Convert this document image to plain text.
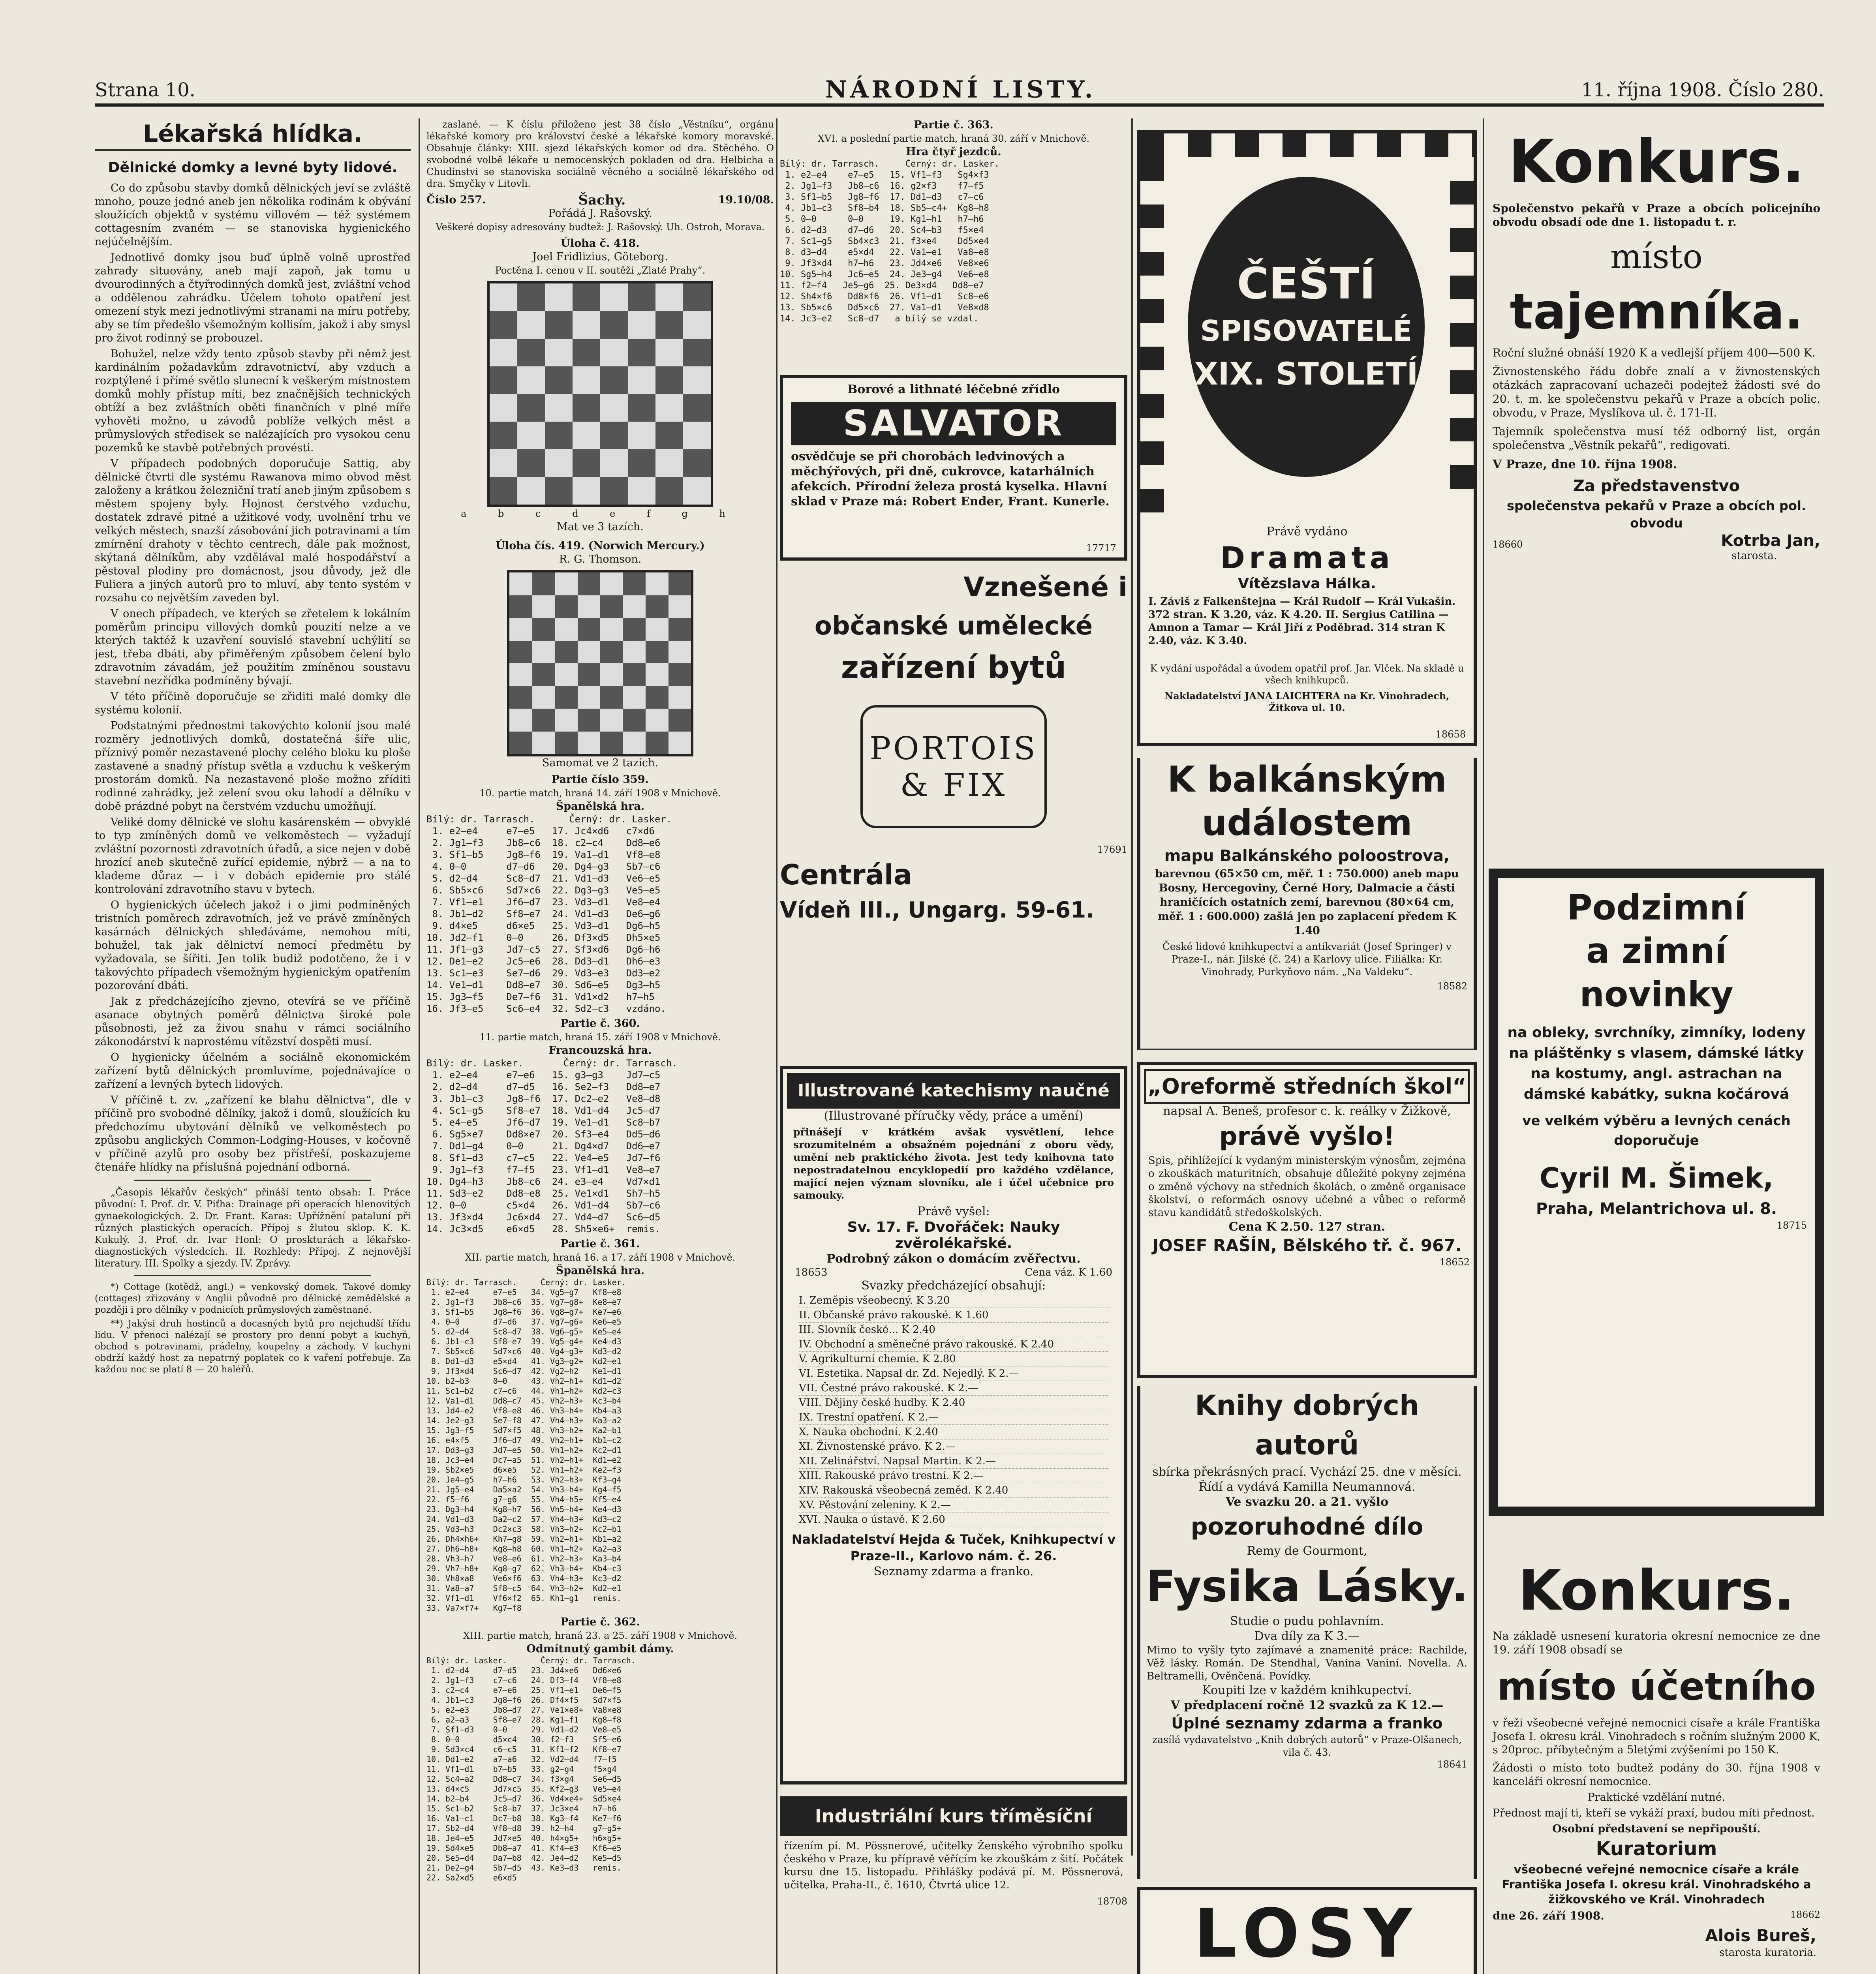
Strana 10.	NÁRODNÍ LISTY.	11. října 1908. Číslo 280.
Lékařská hlídka.
Dělnické domky a levné byty lidové.

Co do způsobu stavby domků dělnických jeví se zvláště mnoho, pouze jedné aneb jen několika rodinám k obývání sloužících objektů v systému villovém — též systémem cottagesním zvaném — se stanoviska hygienického nejúčelnějším.

Jednotlivé domky jsou buď úplně volně uprostřed zahrady situovány, aneb mají zapoň, jak tomu u dvourodinných a čtyřrodinných domků jest, zvláštní vchod a oddělenou zahrádku. Účelem tohoto opatření jest omezení styk mezi jednotlivými stranami na míru potřeby, aby se tím předešlo všemožným kollisím, jakož i aby smysl pro život rodinný se probouzel.

Bohužel, nelze vždy tento způsob stavby při němž jest kardinálním požadavkům zdravotnictví, aby vzduch a rozptýlené i přímé světlo slunecní k veškerým místnostem domků mohly přístup míti, bez značnějších technických obtíží a bez zvláštních oběti finančních v plné míře vyhověti možno, u závodů poblíže velkých měst a průmyslových středisek se nalézajících pro vysokou cenu pozemků ke stavbě potřebných provésti.

V případech podobných doporučuje Sattig, aby dělnické čtvrti dle systému Rawanova mimo obvod měst založeny a krátkou železniční tratí aneb jiným způsobem s městem spojeny byly. Hojnost čerstvého vzduchu, dostatek zdravé pitné a užitkové vody, uvolnění trhu ve velkých městech, snazší zásobování jich potravinami a tím zmírnění drahoty v těchto centrech, dále pak možnost, skýtaná dělníkům, aby vzdělával malé hospodářství a pěstoval plodiny pro domácnost, jsou důvody, jež dle Fuliera a jiných autorů pro to mluví, aby tento systém v rozsahu co největším zaveden byl.

V onech případech, ve kterých se zřetelem k lokálním poměrům principu villových domků pouzití nelze a ve kterých taktéž k uzavření souvislé stavební uchýlití se jest, třeba dbáti, aby přiměřeným způsobem čelení bylo zdravotním závadám, jež použitím zmíněnou soustavu stavební nezřídka podmíněny bývají.

V této příčině doporučuje se zřiditi malé domky dle systému kolonií.

Podstatnými přednostmi takovýchto kolonií jsou malé rozměry jednotlivých domků, dostatečná šíře ulic, příznivý poměr nezastavené plochy celého bloku ku ploše zastavené a snadný přístup světla a vzduchu k veškerým prostorám domků. Na nezastavené ploše možno zříditi rodinné zahrádky, jež zelení svou oku lahodí a dělníku v době prázdné pobyt na čerstvém vzduchu umožňují.

Veliké domy dělnické ve slohu kasárenském — obvyklé to typ zmíněných domů ve velkoměstech — vyžadují zvláštní pozornosti zdravotních úřadů, a sice nejen v době hrozící aneb skutečně zuřící epidemie, nýbrž — a na to klademe důraz — i v dobách epidemie pro stálé kontrolování zdravotního stavu v bytech.

O hygienických účelech jakož i o jimi podmíněných tristních poměrech zdravotních, jež ve právě zmíněných kasárnách dělnických shledáváme, nemohou míti, bohužel, tak jak dělnictví nemocí předmětu by vyžadovala, se šířiti. Jen tolik budiž podotčeno, že i v takovýchto případech všemožným hygienickým opatřením pozorování dbáti.

Jak z předcházejícího zjevno, otevírá se ve příčině asanace obytných poměrů dělnictva široké pole působnosti, jež za živou snahu v rámci sociálního zákonodárství k naprostému vítězství dospěti musí.

O hygienicky účelném a sociálně ekonomickém zařízení bytů dělnických promluvíme, pojednávajíce o zařízení a levných bytech lidových.

V příčině t. zv. „zařízení ke blahu dělnictva“, dle v příčině pro svobodné dělníky, jakož i domů, sloužících ku předchozímu ubytování dělníků ve velkoměstech po způsobu anglických Common-Lodging-Houses, v kočovně v příčině azylů pro osoby bez přístřeší, poskazujeme čtenáře hlídky na příslušná pojednání odborná.

„Časopis lékařův českých“ přináší tento obsah: I. Práce původní: I. Prof. dr. V. Piťha: Drainage při operacích hlenovitých gynaekologických. 2. Dr. Frant. Karas: Upřížnění pataluní při různých plastických operacích. Přípoj s žlutou sklop. K. K. Kukulý. 3. Prof. dr. Ivar Honl: O proskturách a lékařsko-diagnostických výsledcích. II. Rozhledy: Přípoj. Z nejnovější literatury. III. Spolky a sjezdy. IV. Zprávy.

*) Cottage (kotědž, angl.) = venkovský domek. Takové domky (cottages) zřizovány v Anglii původně pro dělnické zemědělské a později i pro dělníky v podnicích průmyslových zaměstnané.

**) Jakýsi druh hostinců a docasných bytů pro nejchudší třídu lidu. V přenoci nalézají se prostory pro denní pobyt a kuchyň, obchod s potravinami, prádelny, koupelny a záchody. V kuchyni obdrží každý host za nepatrný poplatek co k vaření potřebuje. Za každou noc se platí 8 — 20 haléřů.

zaslané. — K číslu přiloženo jest 38 číslo „Věstníku“, orgánu lékařské komory pro království české a lékařské komory moravské. Obsahuje články: XIII. sjezd lékařských komor od dra. Stěchého. O svobodné volbě lékaře u nemocenských pokladen od dra. Helbicha a Chudinstvi se stanoviska sociálně věcného a sociálně lékařského od dra. Smyčky v Litovli.

Číslo 257.	Šachy.	19.10/08.
Pořádá J. Rašovský.
Veškeré dopisy adresovány budtež: J. Rašovský. Uh. Ostroh, Morava.
Úloha č. 418.
Joel Fridlizius, Göteborg.
Poctěna I. cenou v II. soutěži „Zlaté Prahy“.
a b c d e f g h
Mat ve 3 tazích.
Úloha čís. 419. (Norwich Mercury.)
R. G. Thomson.
Samomat ve 2 tazích.
Partie číslo 359.
10. partie match, hraná 14. září 1908 v Mnichově.
Španělská hra.
Bílý: dr. Tarrasch.      Černý: dr. Lasker.
1. e2—e4     e7—e5   17. Jc4×d6   c7×d6
2. Jg1—f3    Jb8—c6  18. c2—c4    Dd8—e6
3. Sf1—b5    Jg8—f6  19. Va1—d1   Vf8—e8
4. 0—0       d7—d6   20. Dg4—g3   Sb7—c6
5. d2—d4     Sc8—d7  21. Vd1—d3   Ve6—e5
6. Sb5×c6    Sd7×c6  22. Dg3—g3   Ve5—e5
7. Vf1—e1    Jf6—d7  23. Vd3—d1   Ve8—e4
8. Jb1—d2    Sf8—e7  24. Vd1—d3   De6—g6
9. d4×e5     d6×e5   25. Vd3—d1   Dg6—h5
10. Jd2—f1    0—0     26. Df3×d5   Dh5×e5
11. Jf1—g3    Jd7—c5  27. Sf3×d6   Dg6—h6
12. De1—e2    Jc5—e6  28. Dd3—d1   Dh6—e3
13. Sc1—e3    Se7—d6  29. Vd3—e3   Dd3—e2
14. Ve1—d1    Dd8—e7  30. Sd6—e5   Dg3—h5
15. Jg3—f5    De7—f6  31. Vd1×d2   h7—h5
16. Jf3—e5    Sc6—e4  32. Sd2—c3   vzdáno.
Partie č. 360.
11. partie match, hraná 15. září 1908 v Mnichově.
Francouzská hra.
Bílý: dr. Lasker.       Černý: dr. Tarrasch.
1. e2—e4     e7—e6   15. g3—g3    Jd7—c5
2. d2—d4     d7—d5   16. Se2—f3   Dd8—e7
3. Jb1—c3    Jg8—f6  17. Dc2—e2   Ve8—d8
4. Sc1—g5    Sf8—e7  18. Vd1—d4   Jc5—d7
5. e4—e5     Jf6—d7  19. Ve1—d1   Sc8—b7
6. Sg5×e7    Dd8×e7  20. Sf3—e4   Dd5—d6
7. Dd1—g4    0—0     21. Dg4×d7   Dd6—e7
8. Sf1—d3    c7—c5   22. Ve4—e5   Jd7—f6
9. Jg1—f3    f7—f5   23. Vf1—d1   Ve8—e7
10. Dg4—h3    Jb8—c6  24. e3—e4    Vd7×d1
11. Sd3—e2    Dd8—e8  25. Ve1×d1   Sh7—h5
12. 0—0       c5×d4   26. Vd1—d4   Sb7—c6
13. Jf3×d4    Jc6×d4  27. Vd4—d7   Sc6—d5
14. Jc3×d5    e6×d5   28. Sh5×e6+  remis.
Partie č. 361.
XII. partie match, hraná 16. a 17. září 1908 v Mnichově.
Španělská hra.
Bílý: dr. Tarrasch.     Černý: dr. Lasker.
1. e2—e4     e7—e5   34. Vg5—g7   Kf8—e8
2. Jg1—f3    Jb8—c6  35. Vg7—g8+  Ke8—e7
3. Sf1—b5    Jg8—f6  36. Vg8—g7+  Ke7—e6
4. 0—0       d7—d6   37. Vg7—g6+  Ke6—e5
5. d2—d4     Sc8—d7  38. Vg6—g5+  Ke5—e4
6. Jb1—c3    Sf8—e7  39. Vg5—g4+  Ke4—d3
7. Sb5×c6    Sd7×c6  40. Vg4—g3+  Kd3—d2
8. Dd1—d3    e5×d4   41. Vg3—g2+  Kd2—e1
9. Jf3×d4    Sc6—d7  42. Vg2—h2   Ke1—d1
10. b2—b3     0—0     43. Vh2—h1+  Kd1—d2
11. Sc1—b2    c7—c6   44. Vh1—h2+  Kd2—c3
12. Va1—d1    Dd8—c7  45. Vh2—h3+  Kc3—b4
13. Jd4—e2    Vf8—e8  46. Vh3—h4+  Kb4—a3
14. Je2—g3    Se7—f8  47. Vh4—h3+  Ka3—a2
15. Jg3—f5    Sd7×f5  48. Vh3—h2+  Ka2—b1
16. e4×f5     Jf6—d7  49. Vh2—h1+  Kb1—c2
17. Dd3—g3    Jd7—e5  50. Vh1—h2+  Kc2—d1
18. Jc3—e4    Dc7—a5  51. Vh2—h1+  Kd1—e2
19. Sb2×e5    d6×e5   52. Vh1—h2+  Ke2—f3
20. Je4—g5    h7—h6   53. Vh2—h3+  Kf3—g4
21. Jg5—e4    Da5×a2  54. Vh3—h4+  Kg4—f5
22. f5—f6     g7—g6   55. Vh4—h5+  Kf5—e4
23. Dg3—h4    Kg8—h7  56. Vh5—h4+  Ke4—d3
24. Vd1—d3    Da2—c2  57. Vh4—h3+  Kd3—c2
25. Vd3—h3    Dc2×c3  58. Vh3—h2+  Kc2—b1
26. Dh4×h6+   Kh7—g8  59. Vh2—h1+  Kb1—a2
27. Dh6—h8+   Kg8—h8  60. Vh1—h2+  Ka2—a3
28. Vh3—h7    Ve8—e6  61. Vh2—h3+  Ka3—b4
29. Vh7—h8+   Kg8—g7  62. Vh3—h4+  Kb4—c3
30. Vh8×a8    Ve6×f6  63. Vh4—h3+  Kc3—d2
31. Va8—a7    Sf8—c5  64. Vh3—h2+  Kd2—e1
32. Vf1—d1    Vf6×f2  65. Kh1—g1   remis.
33. Va7×f7+   Kg7—f8
Partie č. 362.
XIII. partie match, hraná 23. a 25. září 1908 v Mnichově.
Odmítnutý gambit dámy.
Bílý: dr. Lasker.       Černý: dr. Tarrasch.
1. d2—d4     d7—d5   23. Jd4×e6   Dd6×e6
2. Jg1—f3    c7—c6   24. Df3—f4   Vf8—e8
3. c2—c4     e7—e6   25. Vf1—e1   De6—f5
4. Jb1—c3    Jg8—f6  26. Df4×f5   Sd7×f5
5. e2—e3     Jb8—d7  27. Ve1×e8+  Va8×e8
6. a2—a3     Sf8—e7  28. Kg1—f1   Kg8—f8
7. Sf1—d3    0—0     29. Vd1—d2   Ve8—e5
8. 0—0       d5×c4   30. f2—f3    Sf5—e6
9. Sd3×c4    c6—c5   31. Kf1—f2   Kf8—e7
10. Dd1—e2    a7—a6   32. Vd2—d4   f7—f5
11. Vf1—d1    b7—b5   33. g2—g4    f5×g4
12. Sc4—a2    Dd8—c7  34. f3×g4    Se6—d5
13. d4×c5     Jd7×c5  35. Kf2—g3   Ve5—e4
14. b2—b4     Jc5—d7  36. Vd4×e4+  Sd5×e4
15. Sc1—b2    Sc8—b7  37. Jc3×e4   h7—h6
16. Va1—c1    Dc7—b8  38. Kg3—f4   Ke7—f6
17. Sb2—d4    Vf8—d8  39. h2—h4    g7—g5+
18. Je4—e5    Jd7×e5  40. h4×g5+   h6×g5+
19. Sd4×e5    Db8—a7  41. Kf4—e3   Kf6—e5
20. Se5—d4    Da7—b8  42. Je4—d2   Ke5—d5
21. De2—g4    Sb7—d5  43. Kе3—d3   remis.
22. Sa2×d5    e6×d5
Partie č. 363.
XVI. a poslední partie match, hraná 30. září v Mnichově.
Hra čtyř jezdců.
Bílý: dr. Tarrasch.     Černý: dr. Lasker.
1. e2—e4    e7—e5   15. Vf1—f3   Sg4×f3
2. Jg1—f3   Jb8—c6  16. g2×f3    f7—f5
3. Sf1—b5   Jg8—f6  17. Dd1—d3   c7—c6
4. Jb1—c3   Sf8—b4  18. Sb5—c4+  Kg8—h8
5. 0—0      0—0     19. Kg1—h1   h7—h6
6. d2—d3    d7—d6   20. Sc4—b3   f5×e4
7. Sc1—g5   Sb4×c3  21. f3×e4    Dd5×e4
8. d3—d4    e5×d4   22. Va1—e1   Va8—e8
9. Jf3×d4   h7—h6   23. Jd4×e6   Ve8×e6
10. Sg5—h4   Jc6—e5  24. Je3—g4   Ve6—e8
11. f2—f4   Je5—g6  25. De3×d4   Dd8—e7
12. Sh4×f6   Dd8×f6  26. Vf1—d1   Sc8—e6
13. Sb5×c6   Dd5×c6  27. Va1—d1   Ve8×d8
14. Jc3—e2   Sc8—d7   a bílý se vzdal.
Borové a lithnaté léčebné zřídlo
SALVATOR
osvědčuje se při chorobách ledvinových a měchýřových, při dně, cukrovce, katarhálních afekcích. Přírodní železa prostá kyselka. Hlavní sklad v Praze má: Robert Ender, Frant. Kunerle.
17717
Vznešené i
občanské umělecké
zařízení bytů
PORTOIS & FIX
17691
Centrála
Vídeň III., Ungarg. 59-61.
Illustrované katechismy naučné
(Illustrované příručky vědy, práce a umění)
přinášejí v krátkém avšak vysvětlení, lehce srozumitelném a obsažném pojednání z oboru vědy, umění neb praktického života. Jest tedy knihovna tato nepostradatelnou encyklopedií pro každého vzdělance, mající nejen význam slovníku, ale i účel učebnice pro samouky.
Právě vyšel:
Sv. 17. F. Dvořáček: Nauky zvěrolékařské.
Podrobný zákon o domácím zvěřectvu.
18653	Cena váz. K 1.60
Svazky předcházející obsahují:
I. Zeměpis všeobecný. K 3.20
II. Občanské právo rakouské. K 1.60
III. Slovník české... K 2.40
IV. Obchodní a směnečné právo rakouské. K 2.40
V. Agrikulturní chemie. K 2.80
VI. Estetika. Napsal dr. Zd. Nejedlý. K 2.—
VII. Čestné právo rakouské. K 2.—
VIII. Dějiny české hudby. K 2.40
IX. Trestní opatření. K 2.—
X. Nauka obchodní. K 2.40
XI. Živnostenské právo. K 2.—
XII. Zelinářství. Napsal Martin. K 2.—
XIII. Rakouské právo trestní. K 2.—
XIV. Rakouská všeobecná zeměd. K 2.40
XV. Pěstování zeleniny. K 2.—
XVI. Nauka o ústavě. K 2.60
Nakladatelství Hejda & Tuček, Knihkupectví v Praze-II., Karlovo nám. č. 26.
Seznamy zdarma a franko.
Industriální kurs tříměsíční
řízením pí. M. Pössnerové, učitelky Ženského výrobního spolku českého v Praze, ku přípravě věřícím ke zkouškám z šití. Počátek kursu dne 15. listopadu. Přihlášky podává pí. M. Pössnerová, učitelka, Praha-II., č. 1610, Čtvrtá ulice 12.
18708
ČEŠTÍ
SPISOVATELÉ
XIX. STOLETÍ
Právě vydáno
Dramata
Vítězslava Hálka.
I. Záviš z Falkenštejna — Král Rudolf — Král Vukašin. 372 stran. K 3.20, váz. K 4.20. II. Sergius Catilina — Amnon a Tamar — Král Jiří z Poděbrad. 314 stran K 2.40, váz. K 3.40.
K vydání uspořádal a úvodem opatřil prof. Jar. Vlček. Na skladě u všech knihkupců.
Nakladatelství JANA LAICHTERA na Kr. Vinohradech, Žitkova ul. 10.
18658
K balkánským
událostem
mapu Balkánského poloostrova,
barevnou (65×50 cm, měř. 1 : 750.000) aneb mapu Bosny, Hercegoviny, Černé Hory, Dalmacie a části hraničících ostatních zemí, barevnou (80×64 cm, měř. 1 : 600.000) zašlá jen po zaplacení předem K 1.40
České lidové knihkupectví a antikvariát (Josef Springer) v Praze-I., nár. Jilské (č. 24) a Karlovy ulice. Filiálka: Kr. Vinohrady, Purkyňovo nám. „Na Valdeku“.
18582
„Oreformě středních škol“
napsal A. Beneš, profesor c. k. reálky v Žižkově,
právě vyšlo!
Spis, přihlížející k vydaným ministerským výnosům, zejména o zkouškách maturitních, obsahuje důležité pokyny zejména o změně výchovy na středních školách, o změně organisace školství, o reformách osnovy učebné a vůbec o reformě stavu kandidátů středoškolských.
Cena K 2.50. 127 stran.
JOSEF RAŠÍN, Bělského tř. č. 967.
18652
Knihy dobrých autorů
sbírka překrásných prací. Vychází 25. dne v měsíci. Řídí a vydává Kamilla Neumannová.
Ve svazku 20. a 21. vyšlo
pozoruhodné dílo
Remy de Gourmont,
Fysika Lásky.
Studie o pudu pohlavním.
Dva díly za K 3.—
Mimo to vyšly tyto zajímavé a znamenité práce: Rachilde, Věž lásky. Román. De Stendhal, Vanina Vanini. Novella. A. Beltramelli, Ověnčená. Povídky.
Koupiti lze v každém knihkupectví.
V předplacení ročně 12 svazků za K 12.—
Úplné seznamy zdarma a franko
zasílá vydavatelstvo „Knih dobrých autorů“ v Praze-Olšanech, vila č. 43.
18641
LOSY
Konkurs.
Společenstvo pekařů v Praze a obcích policejního obvodu obsadí ode dne 1. listopadu t. r.
místo
tajemníka.
Roční služné obnáší 1920 K a vedlejší příjem 400—500 K.
Živnostenského řádu dobře znalí a v živnostenských otázkách zapracovaní uchazeči podejtež žádosti své do 20. t. m. ke společenstvu pekařů v Praze a obcích polic. obvodu, v Praze, Myslíkova ul. č. 171-II.
Tajemník společenstva musí též odborný list, orgán společenstva „Věstník pekařů“, redigovati.
V Praze, dne 10. října 1908.
Za představenstvo
společenstva pekařů v Praze a obcích pol. obvodu
18660	Kotrba Jan,
starosta.
Podzimní
a zimní
novinky
na obleky, svrchníky, zimníky, lodeny na pláštěnky s vlasem, dámské látky na kostumy, angl. astrachan na dámské kabátky, sukna kočárová
ve velkém výběru a levných cenách doporučuje
Cyril M. Šimek,
Praha, Melantrichova ul. 8.
18715
Konkurs.
Na základě usnesení kuratoria okresní nemocnice ze dne 19. září 1908 obsadí se
místo účetního
v řeži všeobecné veřejné nemocnici císaře a krále Františka Josefa I. okresu král. Vinohradech s ročním služným 2000 K, s 20proc. příbytečným a 5letými zvýšeními po 150 K.
Žádosti o místo toto budtež podány do 30. října 1908 v kanceláři okresní nemocnice.
Praktické vzdělání nutné.
Přednost mají ti, kteří se vykáží praxí, budou míti přednost.
Osobní představení se nepřipouští.
Kuratorium
všeobecné veřejné nemocnice císaře a krále Františka Josefa I. okresu král. Vinohradského a žižkovského ve Král. Vinohradech
dne 26. září 1908.	18662
Alois Bureš,
starosta kuratoria.
